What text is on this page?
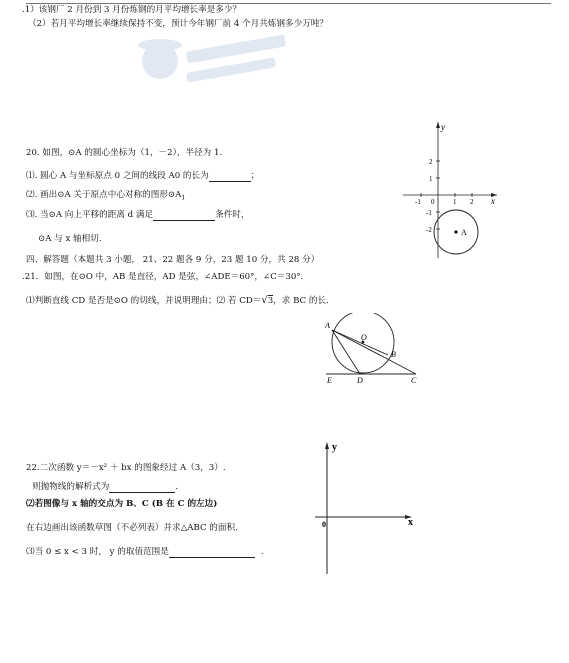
.1）该钢厂 2 月份到 3 月份炼钢的月平均增长率是多少？
（2）若月平均增长率继续保持不变，预计今年钢厂前 4 个月共炼钢多少万吨？
20. 如图，⊙A 的圆心坐标为（1，－2），半径为 1.
⑴. 圆心 A 与坐标原点 0 之间的线段 A0 的长为	；
⑵. 画出⊙A 关于原点中心对称的图形$⊙A_1$
⑶. 当⊙A 向上平移的距离 d 满足	条件时，
⊙A 与 x 轴相切.
y
x
0
-1	1 2
2
1
-1
-2	A
四、解答题（本题共 3 小题， 21、22 题各 9 分，23 题 10 分，共 28 分）
.21．如图，在⊙O 中，AB 是直径，AD 是弦，∠ADE＝60°，∠C＝30°．
⑴判断直线 CD 是否是⊙O 的切线，并说明理由；⑵ 若 CD＝√3，求 BC 的长.
A
O
B
E	D	C
22.二次函数 y＝－x² ＋ bx 的图象经过 A（3，3）.
则抛物线的解析式为	.
⑵若图像与 x 轴的交点为 B、C (B 在 C 的左边)
在右边画出该函数草图（不必列表）并求△ABC 的面积.
⑶当 0 ≤ x < 3 时， y 的取值范围是	.
y
x
0
